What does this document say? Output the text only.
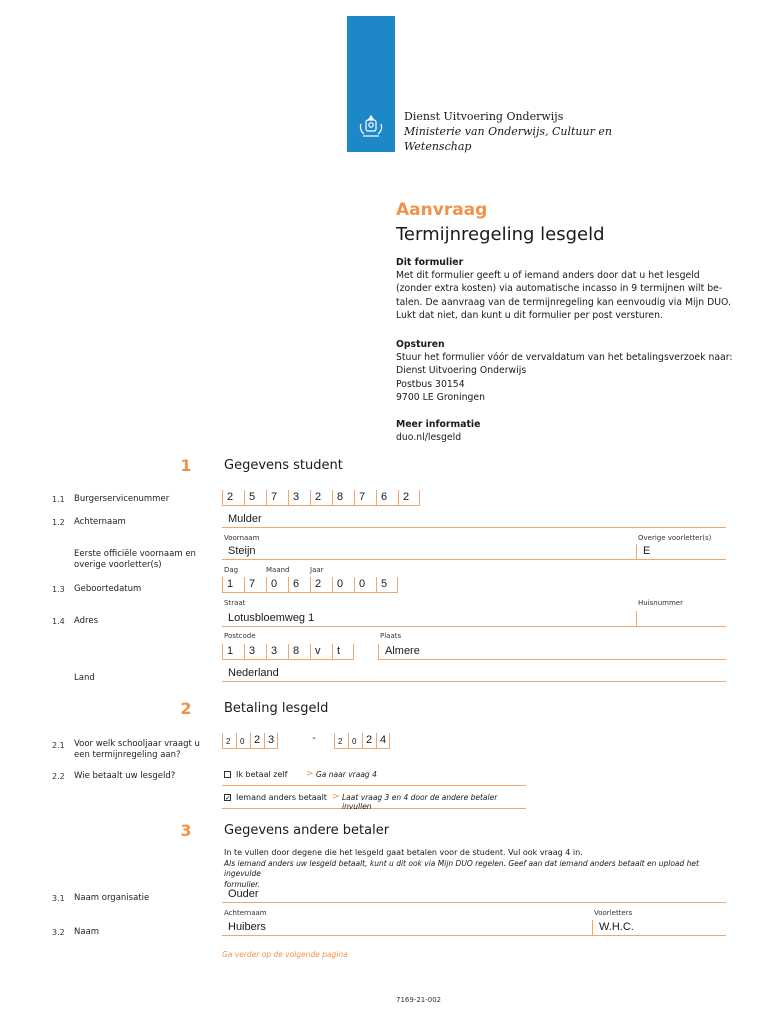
Dienst Uitvoering Onderwijs
Ministerie van Onderwijs, Cultuur en
Wetenschap
Aanvraag
Termijnregeling lesgeld
Dit formulier
Met dit formulier geeft u of iemand anders door dat u het lesgeld
(zonder extra kosten) via automatische incasso in 9 termijnen wilt be-
talen. De aanvraag van de termijnregeling kan eenvoudig via Mijn DUO.
Lukt dat niet, dan kunt u dit formulier per post versturen.
Opsturen
Stuur het formulier vóór de vervaldatum van het betalingsverzoek naar:
Dienst Uitvoering Onderwijs
Postbus 30154
9700 LE Groningen
Meer informatie
duo.nl/lesgeld
1	Gegevens student
1.1 Burgerservicenummer	2	5	7	3	2	8	7	6	2
1.2 Achternaam	Mulder
Voornaam	Overige voorletter(s)
Eerste officiële voornaam en overige voorletter(s)
Steijn	E
Dag	Maand	Jaar
1.3 Geboortedatum	1	7	0	6	2	0	0	5
Straat	Huisnummer
1.4 Adres	Lotusbloemweg 1
Postcode	Plaats
1	3	3	8	v	t	Almere
Land	Nederland
2	Betaling lesgeld
2.1 Voor welk schooljaar vraagt u een termijnregeling aan?
2	0 2 3	-	2	0 2 4
2.2 Wie betaalt uw lesgeld?	Ik betaal zelf > Ga naar vraag 4
✓ Iemand anders betaalt > Laat vraag 3 en 4 door de andere betaler invullen
3	Gegevens andere betaler
In te vullen door degene die het lesgeld gaat betalen voor de student. Vul ook vraag 4 in.
Als iemand anders uw lesgeld betaalt, kunt u dit ook via Mijn DUO regelen. Geef aan dat iemand anders betaalt en upload het ingevulde
formulier.
3.1 Naam organisatie	Ouder
Achternaam	Voorletters
3.2 Naam	Huibers	W.H.C.
Ga verder op de volgende pagina
7169-21-002
